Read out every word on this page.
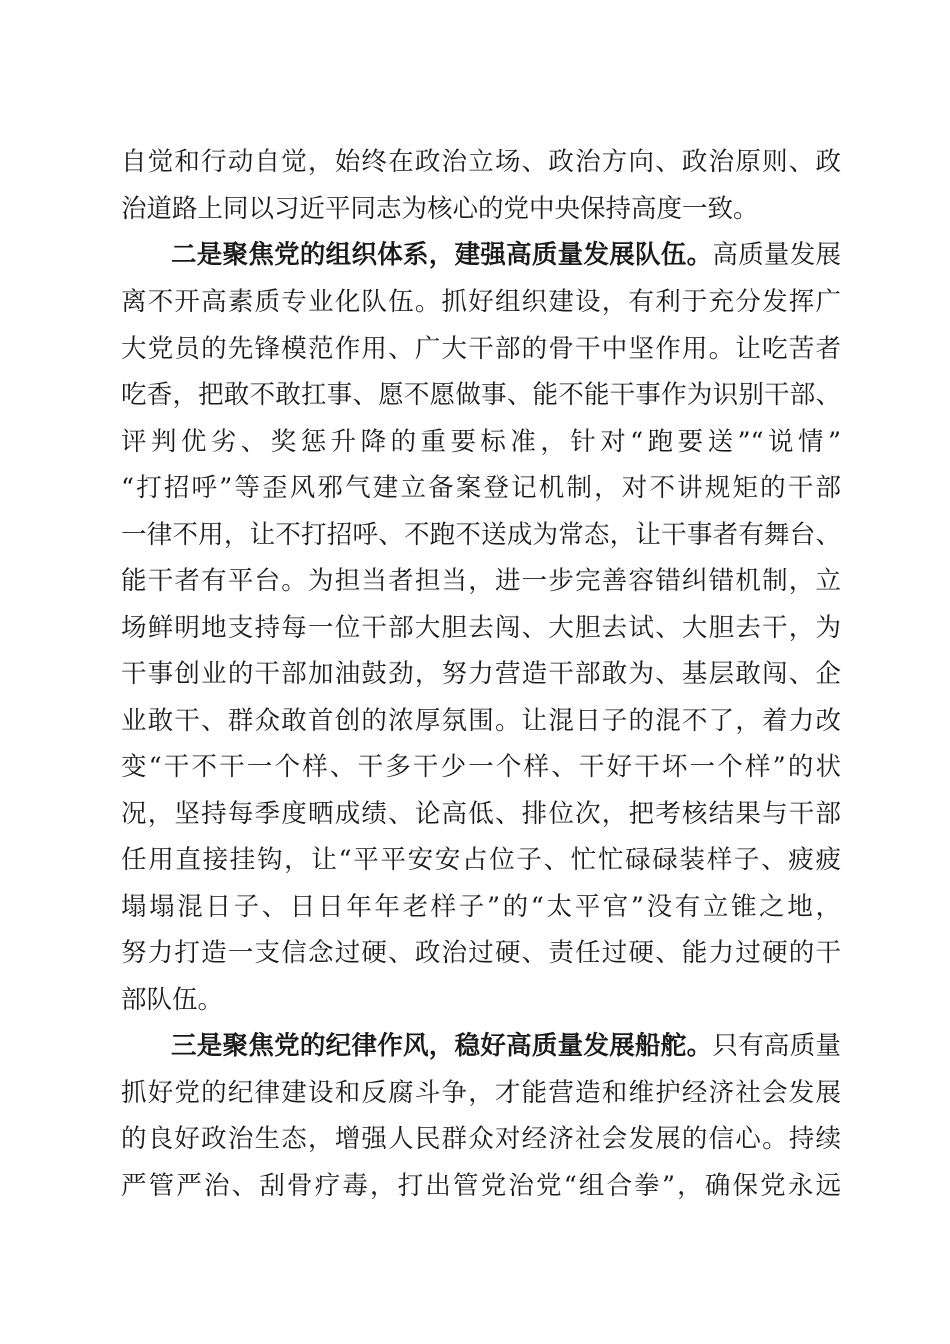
自觉和行动自觉，始终在政治立场、政治方向、政治原则、政
治道路上同以习近平同志为核心的党中央保持高度一致。
二是聚焦党的组织体系，建强高质量发展队伍。高质量发展
离不开高素质专业化队伍。抓好组织建设，有利于充分发挥广
大党员的先锋模范作用、广大干部的骨干中坚作用。让吃苦者
吃香，把敢不敢扛事、愿不愿做事、能不能干事作为识别干部、
评判优劣、奖惩升降的重要标准，针对“跑要送”“说情”
“打招呼”等歪风邪气建立备案登记机制，对不讲规矩的干部
一律不用，让不打招呼、不跑不送成为常态，让干事者有舞台、
能干者有平台。为担当者担当，进一步完善容错纠错机制，立
场鲜明地支持每一位干部大胆去闯、大胆去试、大胆去干，为
干事创业的干部加油鼓劲，努力营造干部敢为、基层敢闯、企
业敢干、群众敢首创的浓厚氛围。让混日子的混不了，着力改
变“干不干一个样、干多干少一个样、干好干坏一个样”的状
况，坚持每季度晒成绩、论高低、排位次，把考核结果与干部
任用直接挂钩，让“平平安安占位子、忙忙碌碌装样子、疲疲
塌塌混日子、日日年年老样子”的“太平官”没有立锥之地，
努力打造一支信念过硬、政治过硬、责任过硬、能力过硬的干
部队伍。
三是聚焦党的纪律作风，稳好高质量发展船舵。只有高质量
抓好党的纪律建设和反腐斗争，才能营造和维护经济社会发展
的良好政治生态，增强人民群众对经济社会发展的信心。持续
严管严治、刮骨疗毒，打出管党治党“组合拳”，确保党永远
